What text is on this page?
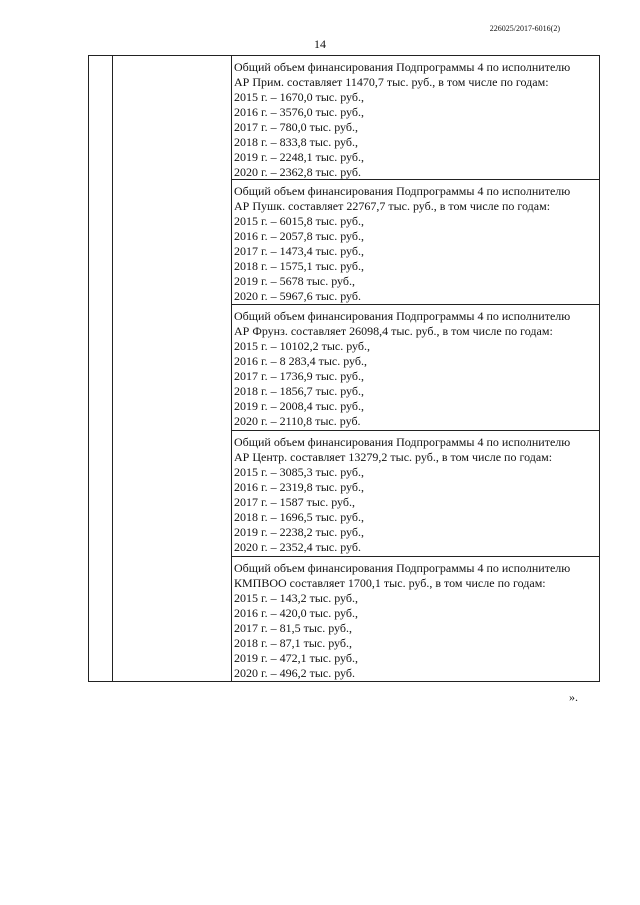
226025/2017-6016(2)
14
Общий объем финансирования Подпрограммы 4 по исполнителю
АР Прим. составляет 11470,7 тыс. руб., в том числе по годам:
2015 г. – 1670,0 тыс. руб.,
2016 г. – 3576,0 тыс. руб.,
2017 г. – 780,0 тыс. руб.,
2018 г. – 833,8 тыс. руб.,
2019 г. – 2248,1 тыс. руб.,
2020 г. – 2362,8 тыс. руб.
Общий объем финансирования Подпрограммы 4 по исполнителю
АР Пушк. составляет 22767,7 тыс. руб., в том числе по годам:
2015 г. – 6015,8 тыс. руб.,
2016 г. – 2057,8 тыс. руб.,
2017 г. – 1473,4 тыс. руб.,
2018 г. – 1575,1 тыс. руб.,
2019 г. – 5678 тыс. руб.,
2020 г. – 5967,6 тыс. руб.
Общий объем финансирования Подпрограммы 4 по исполнителю
АР Фрунз. составляет 26098,4 тыс. руб., в том числе по годам:
2015 г. – 10102,2 тыс. руб.,
2016 г. – 8 283,4 тыс. руб.,
2017 г. – 1736,9 тыс. руб.,
2018 г. – 1856,7 тыс. руб.,
2019 г. – 2008,4 тыс. руб.,
2020 г. – 2110,8 тыс. руб.
Общий объем финансирования Подпрограммы 4 по исполнителю
АР Центр. составляет 13279,2 тыс. руб., в том числе по годам:
2015 г. – 3085,3 тыс. руб.,
2016 г. – 2319,8 тыс. руб.,
2017 г. – 1587 тыс. руб.,
2018 г. – 1696,5 тыс. руб.,
2019 г. – 2238,2 тыс. руб.,
2020 г. – 2352,4 тыс. руб.
Общий объем финансирования Подпрограммы 4 по исполнителю
КМПВОО составляет 1700,1 тыс. руб., в том числе по годам:
2015 г. – 143,2 тыс. руб.,
2016 г. – 420,0 тыс. руб.,
2017 г. – 81,5 тыс. руб.,
2018 г. – 87,1 тыс. руб.,
2019 г. – 472,1 тыс. руб.,
2020 г. – 496,2 тыс. руб.
».
